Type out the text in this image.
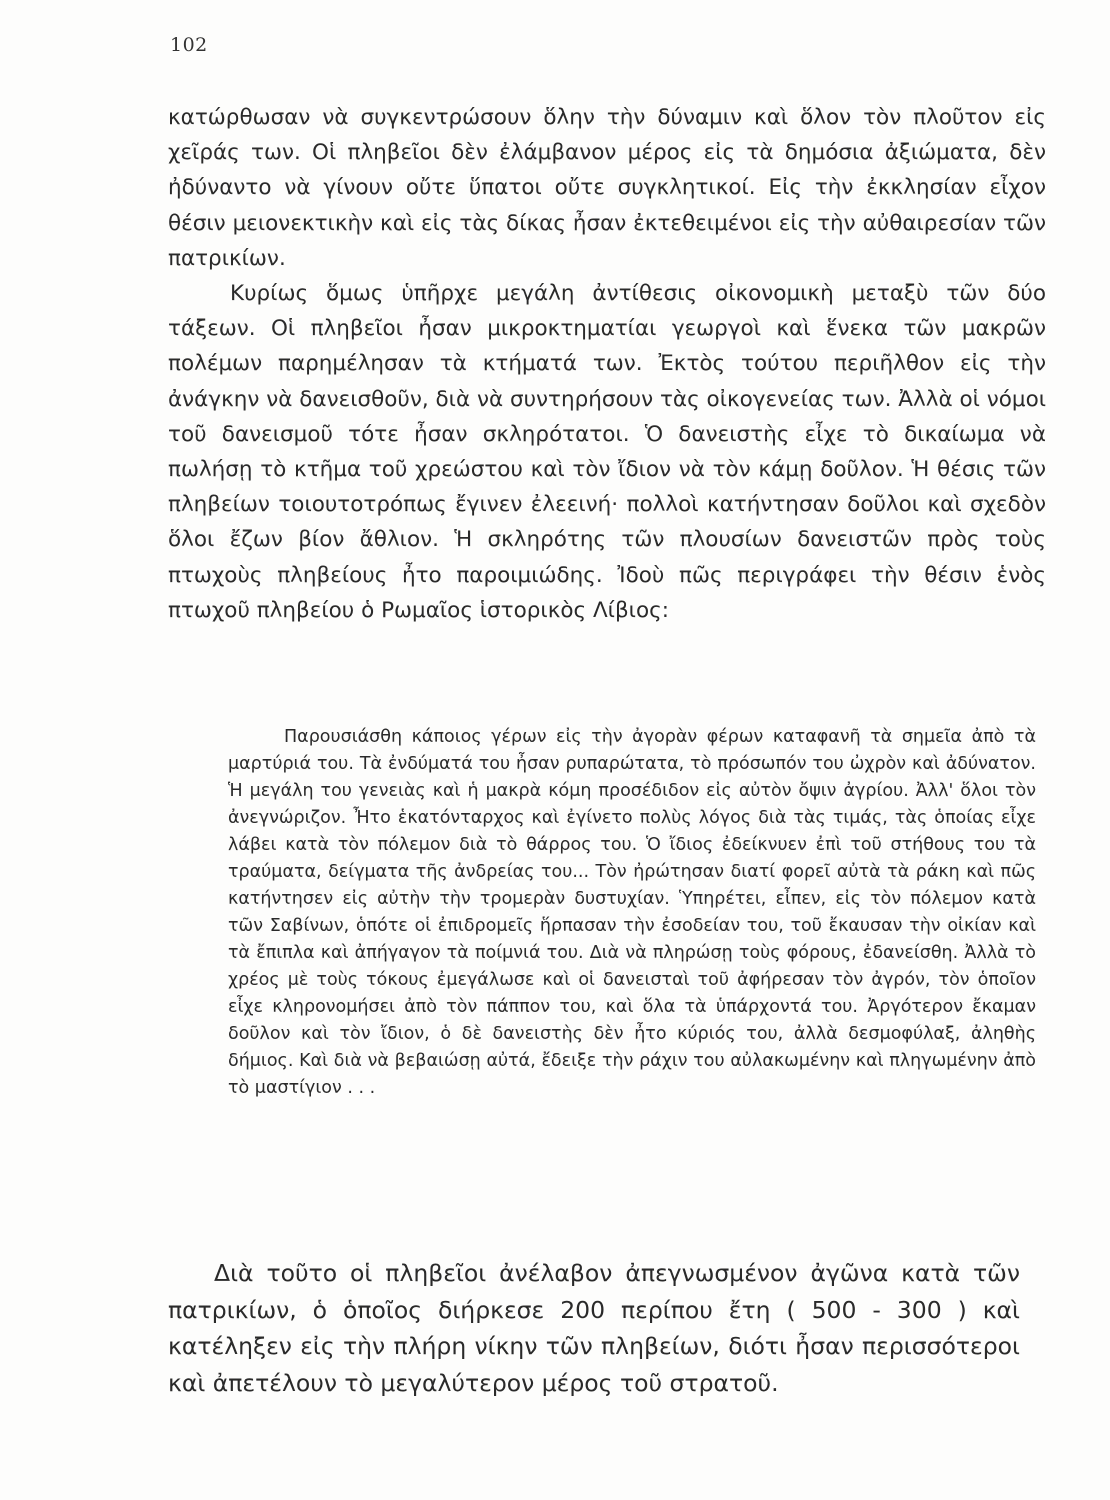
102

κατώρθωσαν νὰ συγκεντρώσουν ὅλην τὴν δύναμιν καὶ ὅλον τὸν πλοῦτον εἰς χεῖράς των. Οἱ πληβεῖοι δὲν ἐλάμβανον μέρος εἰς τὰ δημόσια ἀξιώματα, δὲν ἠδύναντο νὰ γίνουν οὔτε ὕπατοι οὔτε συγκλητικοί. Εἰς τὴν ἐκκλησίαν εἶχον θέσιν μειονεκτικὴν καὶ εἰς τὰς δίκας ἦσαν ἐκτεθειμένοι εἰς τὴν αὐθαιρεσίαν τῶν πατρικίων.

Κυρίως ὅμως ὑπῆρχε μεγάλη ἀντίθεσις οἰκονομικὴ μεταξὺ τῶν δύο τάξεων. Οἱ πληβεῖοι ἦσαν μικροκτηματίαι γεωργοὶ καὶ ἕνεκα τῶν μακρῶν πολέμων παρημέλησαν τὰ κτήματά των. Ἐκτὸς τούτου περιῆλθον εἰς τὴν ἀνάγκην νὰ δανεισθοῦν, διὰ νὰ συντηρήσουν τὰς οἰκογενείας των. Ἀλλὰ οἱ νόμοι τοῦ δανεισμοῦ τότε ἦσαν σκληρότατοι. Ὁ δανειστὴς εἶχε τὸ δικαίωμα νὰ πωλήσῃ τὸ κτῆμα τοῦ χρεώστου καὶ τὸν ἴδιον νὰ τὸν κάμῃ δοῦλον. Ἡ θέσις τῶν πληβείων τοιουτοτρόπως ἔγινεν ἐλεεινή· πολλοὶ κατήντησαν δοῦλοι καὶ σχεδὸν ὅλοι ἔζων βίον ἄθλιον. Ἡ σκληρότης τῶν πλουσίων δανειστῶν πρὸς τοὺς πτωχοὺς πληβείους ἦτο παροιμιώδης. Ἰδοὺ πῶς περιγράφει τὴν θέσιν ἑνὸς πτωχοῦ πληβείου ὁ Ρωμαῖος ἱστορικὸς Λίβιος:

Παρουσιάσθη κάποιος γέρων εἰς τὴν ἀγορὰν φέρων καταφανῆ τὰ σημεῖα ἀπὸ τὰ μαρτύριά του. Τὰ ἐνδύματά του ἦσαν ρυπαρώτατα, τὸ πρόσωπόν του ὠχρὸν καὶ ἀδύνατον. Ἡ μεγάλη του γενειὰς καὶ ἡ μακρὰ κόμη προσέδιδον εἰς αὐτὸν ὄψιν ἀγρίου. Ἀλλ' ὅλοι τὸν ἀνεγνώριζον. Ἦτο ἑκατόνταρχος καὶ ἐγίνετο πολὺς λόγος διὰ τὰς τιμάς, τὰς ὁποίας εἶχε λάβει κατὰ τὸν πόλεμον διὰ τὸ θάρρος του. Ὁ ἴδιος ἐδείκνυεν ἐπὶ τοῦ στήθους του τὰ τραύματα, δείγματα τῆς ἀνδρείας του... Τὸν ἠρώτησαν διατί φορεῖ αὐτὰ τὰ ράκη καὶ πῶς κατήντησεν εἰς αὐτὴν τὴν τρομερὰν δυστυχίαν. Ὑπηρέτει, εἶπεν, εἰς τὸν πόλεμον κατὰ τῶν Σαβίνων, ὁπότε οἱ ἐπιδρομεῖς ἥρπασαν τὴν ἐσοδείαν του, τοῦ ἔκαυσαν τὴν οἰκίαν καὶ τὰ ἔπιπλα καὶ ἀπήγαγον τὰ ποίμνιά του. Διὰ νὰ πληρώσῃ τοὺς φόρους, ἐδανείσθη. Ἀλλὰ τὸ χρέος μὲ τοὺς τόκους ἐμεγάλωσε καὶ οἱ δανεισταὶ τοῦ ἀφήρεσαν τὸν ἀγρόν, τὸν ὁποῖον εἶχε κληρονομήσει ἀπὸ τὸν πάππον του, καὶ ὅλα τὰ ὑπάρχοντά του. Ἀργότερον ἔκαμαν δοῦλον καὶ τὸν ἴδιον, ὁ δὲ δανειστὴς δὲν ἦτο κύριός του, ἀλλὰ δεσμοφύλαξ, ἀληθὴς δήμιος. Καὶ διὰ νὰ βεβαιώσῃ αὐτά, ἔδειξε τὴν ράχιν του αὐλακωμένην καὶ πληγωμένην ἀπὸ τὸ μαστίγιον . . .

Διὰ τοῦτο οἱ πληβεῖοι ἀνέλαβον ἀπεγνωσμένον ἀγῶνα κατὰ τῶν πατρικίων, ὁ ὁποῖος διήρκεσε 200 περίπου ἔτη ( 500 - 300 ) καὶ κατέληξεν εἰς τὴν πλήρη νίκην τῶν πληβείων, διότι ἦσαν περισσότεροι καὶ ἀπετέλουν τὸ μεγαλύτερον μέρος τοῦ στρατοῦ.
